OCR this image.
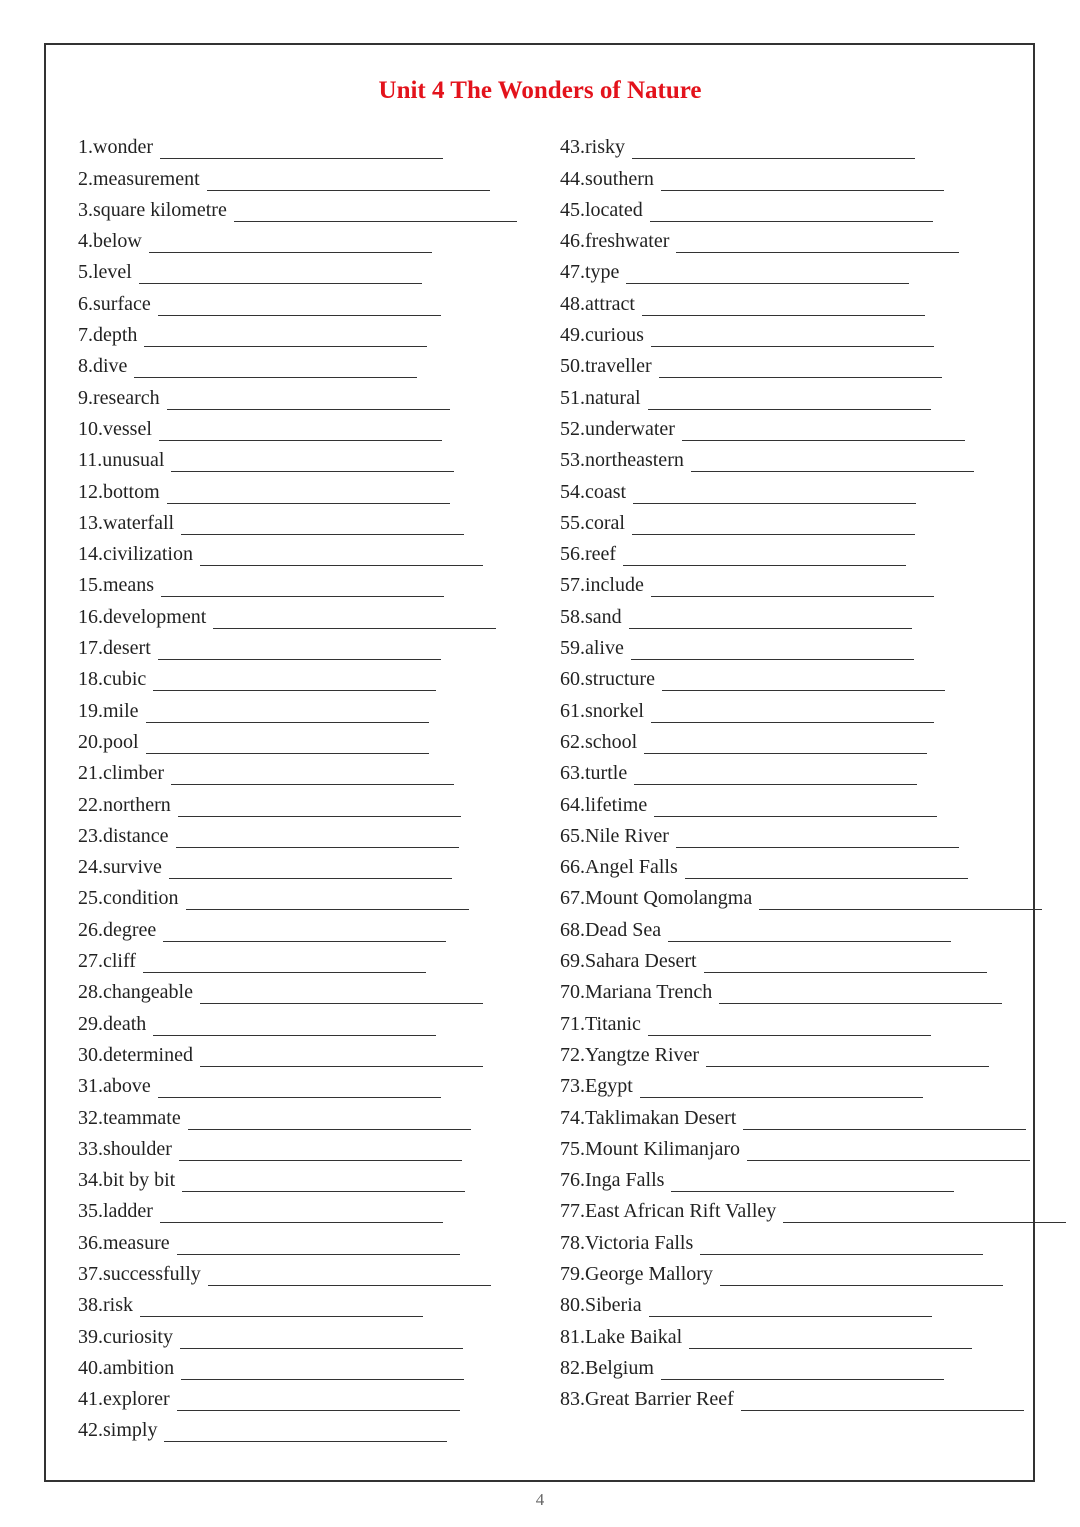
Unit 4 The Wonders of Nature
1.wonder
2.measurement
3.square kilometre
4.below
5.level
6.surface
7.depth
8.dive
9.research
10.vessel
11.unusual
12.bottom
13.waterfall
14.civilization
15.means
16.development
17.desert
18.cubic
19.mile
20.pool
21.climber
22.northern
23.distance
24.survive
25.condition
26.degree
27.cliff
28.changeable
29.death
30.determined
31.above
32.teammate
33.shoulder
34.bit by bit
35.ladder
36.measure
37.successfully
38.risk
39.curiosity
40.ambition
41.explorer
42.simply
43.risky
44.southern
45.located
46.freshwater
47.type
48.attract
49.curious
50.traveller
51.natural
52.underwater
53.northeastern
54.coast
55.coral
56.reef
57.include
58.sand
59.alive
60.structure
61.snorkel
62.school
63.turtle
64.lifetime
65.Nile River
66.Angel Falls
67.Mount Qomolangma
68.Dead Sea
69.Sahara Desert
70.Mariana Trench
71.Titanic
72.Yangtze River
73.Egypt
74.Taklimakan Desert
75.Mount Kilimanjaro
76.Inga Falls
77.East African Rift Valley
78.Victoria Falls
79.George Mallory
80.Siberia
81.Lake Baikal
82.Belgium
83.Great Barrier Reef
4
